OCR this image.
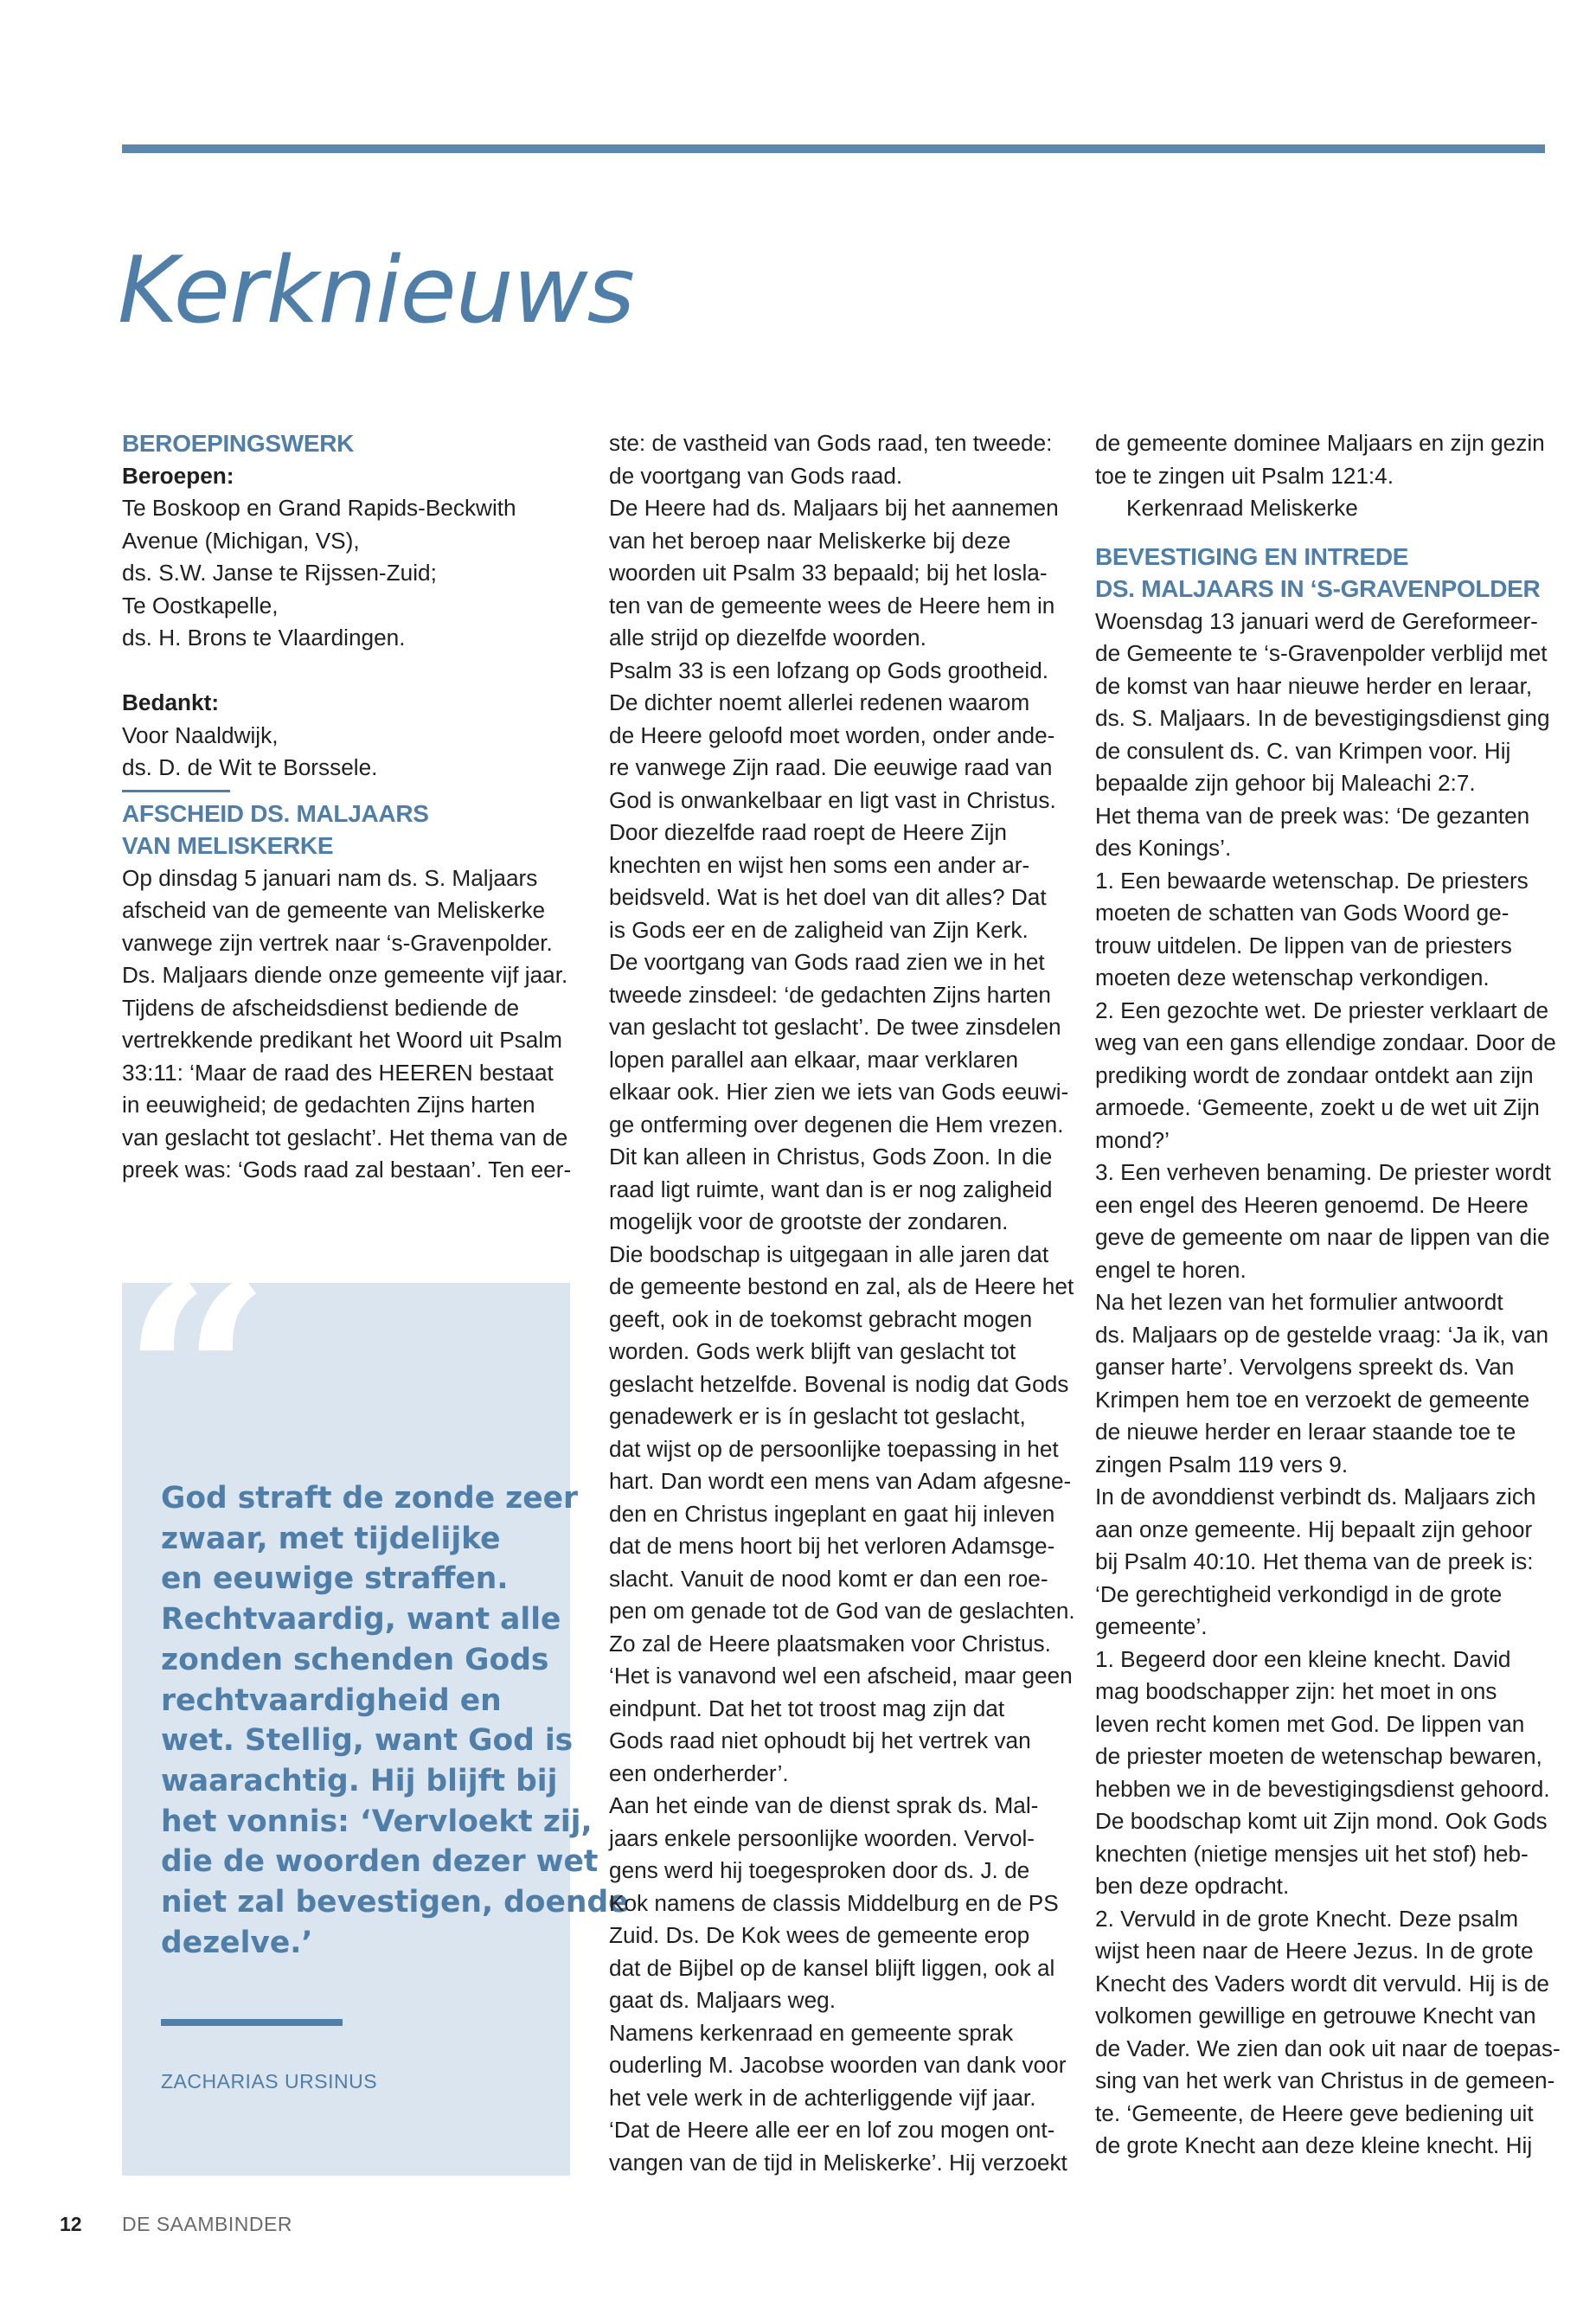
Kerknieuws
BEROEPINGSWERK
Beroepen:
Te Boskoop en Grand Rapids-Beckwith
Avenue (Michigan, VS),
ds. S.W. Janse te Rijssen-Zuid;
Te Oostkapelle,
ds. H. Brons te Vlaardingen.
Bedankt:
Voor Naaldwijk,
ds. D. de Wit te Borssele.
AFSCHEID DS. MALJAARS
VAN MELISKERKE
Op dinsdag 5 januari nam ds. S. Maljaars
afscheid van de gemeente van Meliskerke
vanwege zijn vertrek naar ‘s-Gravenpolder.
Ds. Maljaars diende onze gemeente vijf jaar.
Tijdens de afscheidsdienst bediende de
vertrekkende predikant het Woord uit Psalm
33:11: ‘Maar de raad des HEEREN bestaat
in eeuwigheid; de gedachten Zijns harten
van geslacht tot geslacht’. Het thema van de
preek was: ‘Gods raad zal bestaan’. Ten eer-
“

God straft de zonde zeer
zwaar, met tijdelijke
en eeuwige straffen.
Rechtvaardig, want alle
zonden schenden Gods
rechtvaardigheid en
wet. Stellig, want God is
waarachtig. Hij blijft bij
het vonnis: ‘Vervloekt zij,
die de woorden dezer wet
niet zal bevestigen, doende
dezelve.’

ZACHARIAS URSINUS
ste: de vastheid van Gods raad, ten tweede:
de voortgang van Gods raad.
De Heere had ds. Maljaars bij het aannemen
van het beroep naar Meliskerke bij deze
woorden uit Psalm 33 bepaald; bij het losla-
ten van de gemeente wees de Heere hem in
alle strijd op diezelfde woorden.
Psalm 33 is een lofzang op Gods grootheid.
De dichter noemt allerlei redenen waarom
de Heere geloofd moet worden, onder ande-
re vanwege Zijn raad. Die eeuwige raad van
God is onwankelbaar en ligt vast in Christus.
Door diezelfde raad roept de Heere Zijn
knechten en wijst hen soms een ander ar-
beidsveld. Wat is het doel van dit alles? Dat
is Gods eer en de zaligheid van Zijn Kerk.
De voortgang van Gods raad zien we in het
tweede zinsdeel: ‘de gedachten Zijns harten
van geslacht tot geslacht’. De twee zinsdelen
lopen parallel aan elkaar, maar verklaren
elkaar ook. Hier zien we iets van Gods eeuwi-
ge ontferming over degenen die Hem vrezen.
Dit kan alleen in Christus, Gods Zoon. In die
raad ligt ruimte, want dan is er nog zaligheid
mogelijk voor de grootste der zondaren.
Die boodschap is uitgegaan in alle jaren dat
de gemeente bestond en zal, als de Heere het
geeft, ook in de toekomst gebracht mogen
worden. Gods werk blijft van geslacht tot
geslacht hetzelfde. Bovenal is nodig dat Gods
genadewerk er is ín geslacht tot geslacht,
dat wijst op de persoonlijke toepassing in het
hart. Dan wordt een mens van Adam afgesne-
den en Christus ingeplant en gaat hij inleven
dat de mens hoort bij het verloren Adamsge-
slacht. Vanuit de nood komt er dan een roe-
pen om genade tot de God van de geslachten.
Zo zal de Heere plaatsmaken voor Christus.
‘Het is vanavond wel een afscheid, maar geen
eindpunt. Dat het tot troost mag zijn dat
Gods raad niet ophoudt bij het vertrek van
een onderherder’.
Aan het einde van de dienst sprak ds. Mal-
jaars enkele persoonlijke woorden. Vervol-
gens werd hij toegesproken door ds. J. de
Kok namens de classis Middelburg en de PS
Zuid. Ds. De Kok wees de gemeente erop
dat de Bijbel op de kansel blijft liggen, ook al
gaat ds. Maljaars weg.
Namens kerkenraad en gemeente sprak
ouderling M. Jacobse woorden van dank voor
het vele werk in de achterliggende vijf jaar.
‘Dat de Heere alle eer en lof zou mogen ont-
vangen van de tijd in Meliskerke’. Hij verzoekt
de gemeente dominee Maljaars en zijn gezin
toe te zingen uit Psalm 121:4.
Kerkenraad Meliskerke
BEVESTIGING EN INTREDE
DS. MALJAARS IN ‘S-GRAVENPOLDER
Woensdag 13 januari werd de Gereformeer-
de Gemeente te ‘s-Gravenpolder verblijd met
de komst van haar nieuwe herder en leraar,
ds. S. Maljaars. In de bevestigingsdienst ging
de consulent ds. C. van Krimpen voor. Hij
bepaalde zijn gehoor bij Maleachi 2:7.
Het thema van de preek was: ‘De gezanten
des Konings’.
1. Een bewaarde wetenschap. De priesters
moeten de schatten van Gods Woord ge-
trouw uitdelen. De lippen van de priesters
moeten deze wetenschap verkondigen.
2. Een gezochte wet. De priester verklaart de
weg van een gans ellendige zondaar. Door de
prediking wordt de zondaar ontdekt aan zijn
armoede. ‘Gemeente, zoekt u de wet uit Zijn
mond?’
3. Een verheven benaming. De priester wordt
een engel des Heeren genoemd. De Heere
geve de gemeente om naar de lippen van die
engel te horen.
Na het lezen van het formulier antwoordt
ds. Maljaars op de gestelde vraag: ‘Ja ik, van
ganser harte’. Vervolgens spreekt ds. Van
Krimpen hem toe en verzoekt de gemeente
de nieuwe herder en leraar staande toe te
zingen Psalm 119 vers 9.
In de avonddienst verbindt ds. Maljaars zich
aan onze gemeente. Hij bepaalt zijn gehoor
bij Psalm 40:10. Het thema van de preek is:
‘De gerechtigheid verkondigd in de grote
gemeente’.
1. Begeerd door een kleine knecht. David
mag boodschapper zijn: het moet in ons
leven recht komen met God. De lippen van
de priester moeten de wetenschap bewaren,
hebben we in de bevestigingsdienst gehoord.
De boodschap komt uit Zijn mond. Ook Gods
knechten (nietige mensjes uit het stof) heb-
ben deze opdracht.
2. Vervuld in de grote Knecht. Deze psalm
wijst heen naar de Heere Jezus. In de grote
Knecht des Vaders wordt dit vervuld. Hij is de
volkomen gewillige en getrouwe Knecht van
de Vader. We zien dan ook uit naar de toepas-
sing van het werk van Christus in de gemeen-
te. ‘Gemeente, de Heere geve bediening uit
de grote Knecht aan deze kleine knecht. Hij
12 DE SAAMBINDER
